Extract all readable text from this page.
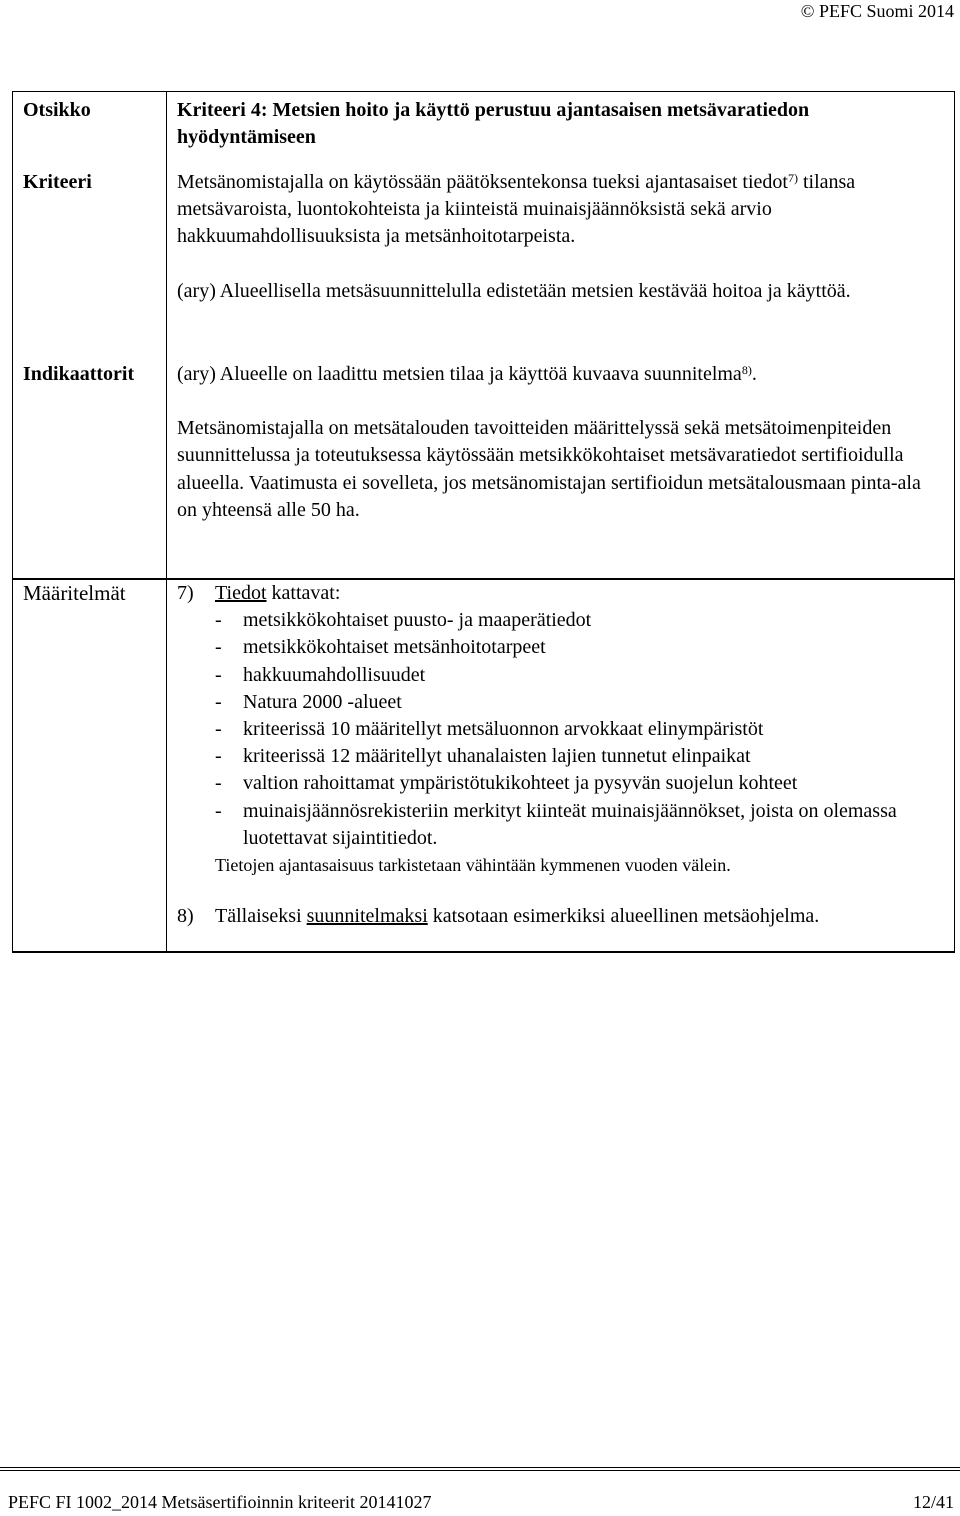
© PEFC Suomi 2014
Otsikko
Kriteeri
Indikaattorit
Määritelmät
Kriteeri 4: Metsien hoito ja käyttö perustuu ajantasaisen metsävaratiedon hyödyntämiseen

Metsänomistajalla on käytössään päätöksentekonsa tueksi ajantasaiset tiedot$^{7)}$ tilansa metsävaroista, luontokohteista ja kiinteistä muinaisjäännöksistä sekä arvio hakkuumahdollisuuksista ja metsänhoitotarpeista.

(ary) Alueellisella metsäsuunnittelulla edistetään metsien kestävää hoitoa ja käyttöä.

(ary) Alueelle on laadittu metsien tilaa ja käyttöä kuvaava suunnitelma$^{8)}$.

Metsänomistajalla on metsätalouden tavoitteiden määrittelyssä sekä metsätoimenpiteiden suunnittelussa ja toteutuksessa käytössään metsikkökohtaiset metsävaratiedot sertifioidulla alueella. Vaatimusta ei sovelleta, jos metsänomistajan sertifioidun metsätalousmaan pinta-ala on yhteensä alle 50 ha.

7) Tiedot kattavat:
- metsikkökohtaiset puusto- ja maaperätiedot
- metsikkökohtaiset metsänhoitotarpeet
- hakkuumahdollisuudet
- Natura 2000 -alueet
- kriteerissä 10 määritellyt metsäluonnon arvokkaat elinympäristöt
- kriteerissä 12 määritellyt uhanalaisten lajien tunnetut elinpaikat
- valtion rahoittamat ympäristötukikohteet ja pysyvän suojelun kohteet
- muinaisjäännösrekisteriin merkityt kiinteät muinaisjäännökset, joista on olemassa luotettavat sijaintitiedot.

Tietojen ajantasaisuus tarkistetaan vähintään kymmenen vuoden välein.

8) Tällaiseksi suunnitelmaksi katsotaan esimerkiksi alueellinen metsäohjelma.
PEFC FI 1002_2014 Metsäsertifioinnin kriteerit 20141027	12/41
